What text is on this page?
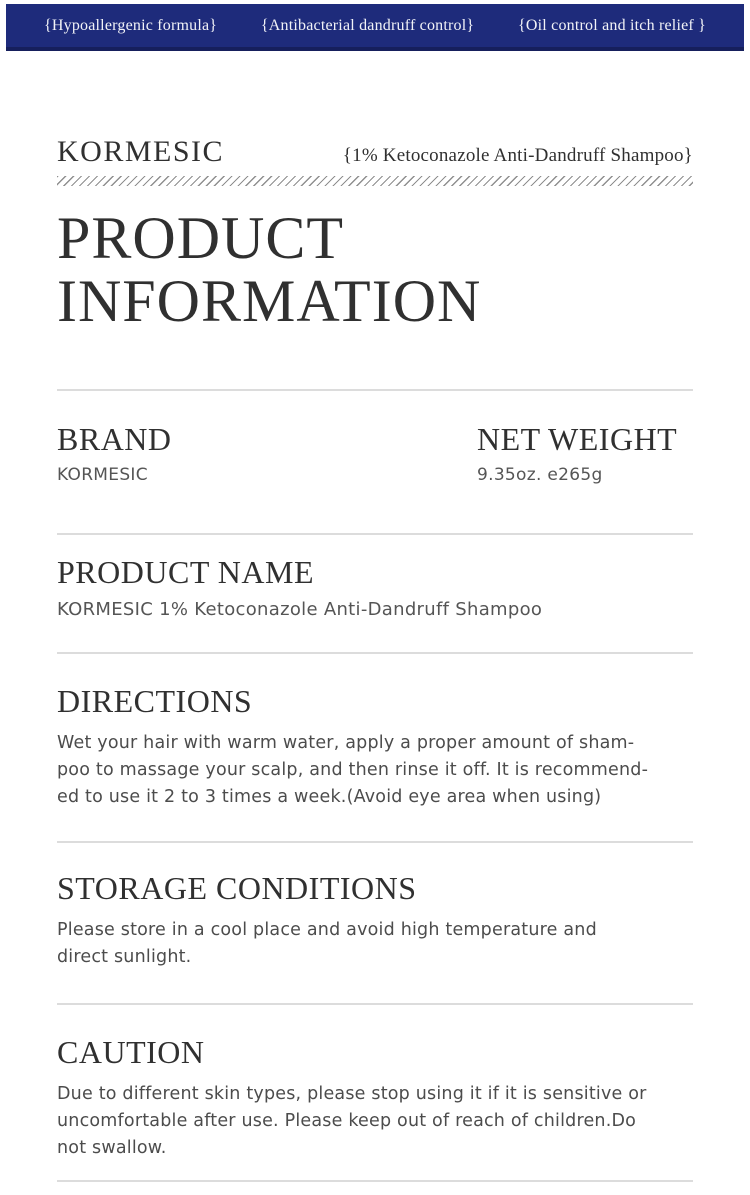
{Hypoallergenic formula}	{Antibacterial dandruff control}	{Oil control and itch relief }
KORMESIC	{1% Ketoconazole Anti-Dandruff Shampoo}
PRODUCT
INFORMATION
BRAND
KORMESIC
NET WEIGHT
9.35oz. e265g
PRODUCT NAME
KORMESIC 1% Ketoconazole Anti-Dandruff Shampoo
DIRECTIONS
Wet your hair with warm water, apply a proper amount of sham-
poo to massage your scalp, and then rinse it off. It is recommend-
ed to use it 2 to 3 times a week.(Avoid eye area when using)
STORAGE CONDITIONS
Please store in a cool place and avoid high temperature and
direct sunlight.
CAUTION
Due to different skin types, please stop using it if it is sensitive or
uncomfortable after use. Please keep out of reach of children.Do
not swallow.
